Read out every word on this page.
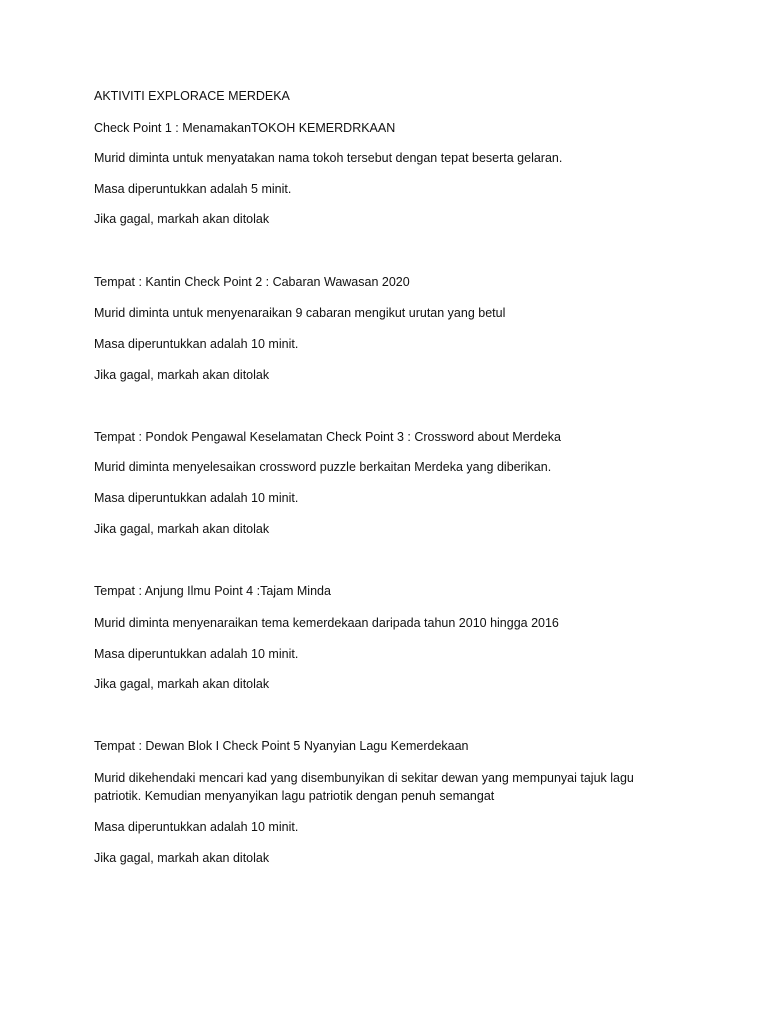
AKTIVITI EXPLORACE MERDEKA
Check Point 1 : MenamakanTOKOH KEMERDRKAAN
Murid diminta untuk menyatakan nama tokoh tersebut dengan tepat beserta gelaran.
Masa diperuntukkan adalah 5 minit.
Jika gagal, markah akan ditolak
Tempat : Kantin Check Point 2 : Cabaran Wawasan 2020
Murid diminta untuk menyenaraikan 9 cabaran mengikut urutan yang betul
Masa diperuntukkan adalah 10 minit.
Jika gagal, markah akan ditolak
Tempat : Pondok Pengawal Keselamatan Check Point 3 : Crossword about Merdeka
Murid diminta menyelesaikan crossword puzzle berkaitan Merdeka yang diberikan.
Masa diperuntukkan adalah 10 minit.
Jika gagal, markah akan ditolak
Tempat : Anjung Ilmu Point 4 :Tajam Minda
Murid diminta menyenaraikan tema kemerdekaan daripada tahun 2010 hingga 2016
Masa diperuntukkan adalah 10 minit.
Jika gagal, markah akan ditolak
Tempat : Dewan Blok I Check Point 5 Nyanyian Lagu Kemerdekaan
Murid dikehendaki mencari kad yang disembunyikan di sekitar dewan yang mempunyai tajuk lagu patriotik. Kemudian menyanyikan lagu patriotik dengan penuh semangat
Masa diperuntukkan adalah 10 minit.
Jika gagal, markah akan ditolak
